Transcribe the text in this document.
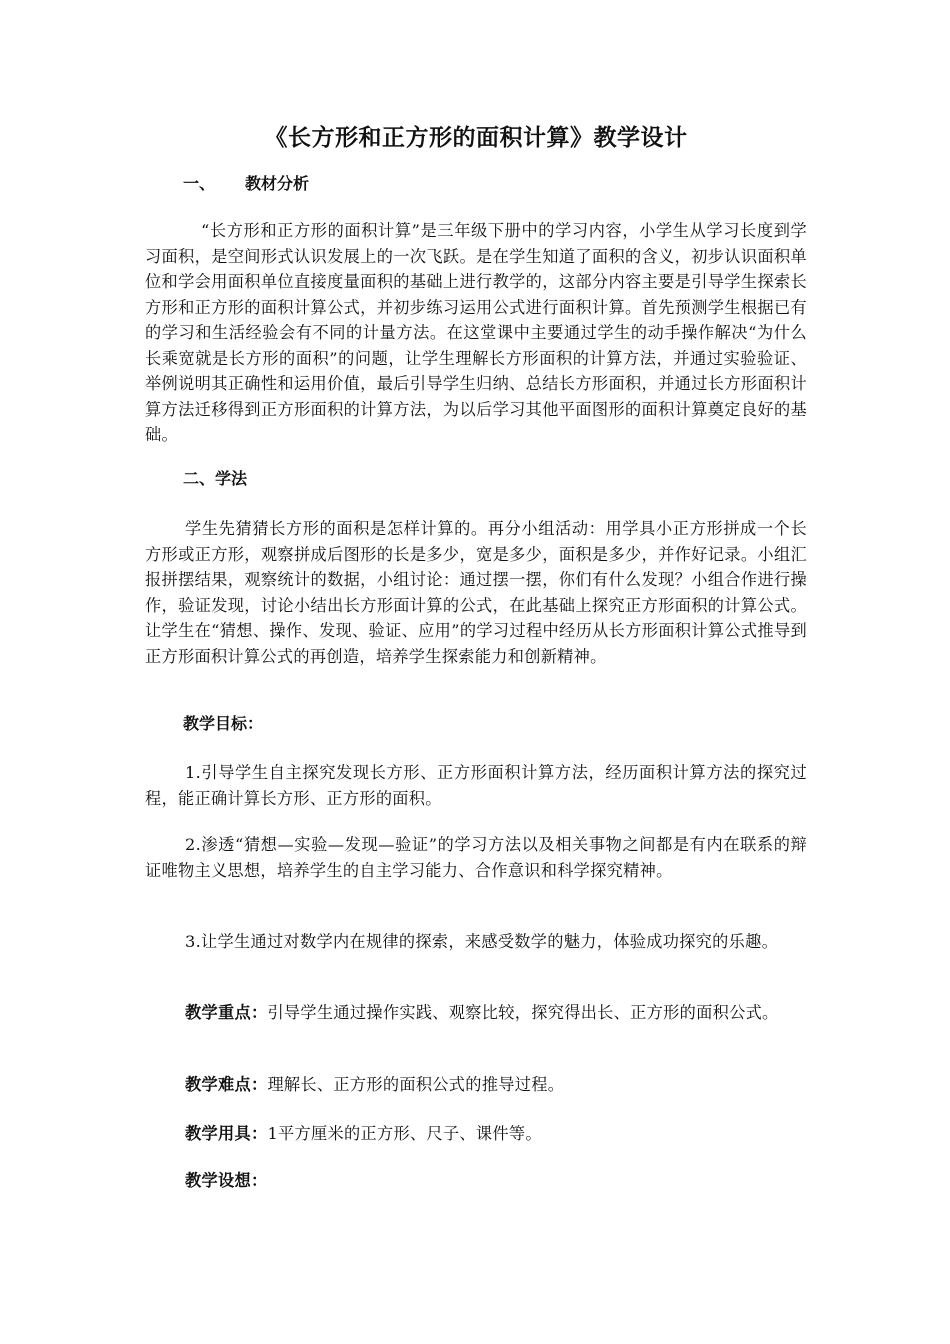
《长方形和正方形的面积计算》教学设计
一、 教材分析
“长方形和正方形的面积计算”是三年级下册中的学习内容，小学生从学习长度到学习面积，是空间形式认识发展上的一次飞跃。是在学生知道了面积的含义，初步认识面积单位和学会用面积单位直接度量面积的基础上进行教学的，这部分内容主要是引导学生探索长方形和正方形的面积计算公式，并初步练习运用公式进行面积计算。首先预测学生根据已有的学习和生活经验会有不同的计量方法。在这堂课中主要通过学生的动手操作解决“为什么长乘宽就是长方形的面积”的问题，让学生理解长方形面积的计算方法，并通过实验验证、举例说明其正确性和运用价值，最后引导学生归纳、总结长方形面积，并通过长方形面积计算方法迁移得到正方形面积的计算方法，为以后学习其他平面图形的面积计算奠定良好的基础。
二、学法
学生先猜猜长方形的面积是怎样计算的。再分小组活动：用学具小正方形拼成一个长方形或正方形，观察拼成后图形的长是多少，宽是多少，面积是多少，并作好记录。小组汇报拼摆结果，观察统计的数据，小组讨论：通过摆一摆，你们有什么发现？小组合作进行操作，验证发现，讨论小结出长方形面计算的公式，在此基础上探究正方形面积的计算公式。让学生在“猜想、操作、发现、验证、应用”的学习过程中经历从长方形面积计算公式推导到正方形面积计算公式的再创造，培养学生探索能力和创新精神。
教学目标：
1.引导学生自主探究发现长方形、正方形面积计算方法，经历面积计算方法的探究过程，能正确计算长方形、正方形的面积。
2.渗透“猜想—实验—发现—验证”的学习方法以及相关事物之间都是有内在联系的辩证唯物主义思想，培养学生的自主学习能力、合作意识和科学探究精神。
3.让学生通过对数学内在规律的探索，来感受数学的魅力，体验成功探究的乐趣。
教学重点：引导学生通过操作实践、观察比较，探究得出长、正方形的面积公式。
教学难点：理解长、正方形的面积公式的推导过程。
教学用具：1平方厘米的正方形、尺子、课件等。
教学设想：
